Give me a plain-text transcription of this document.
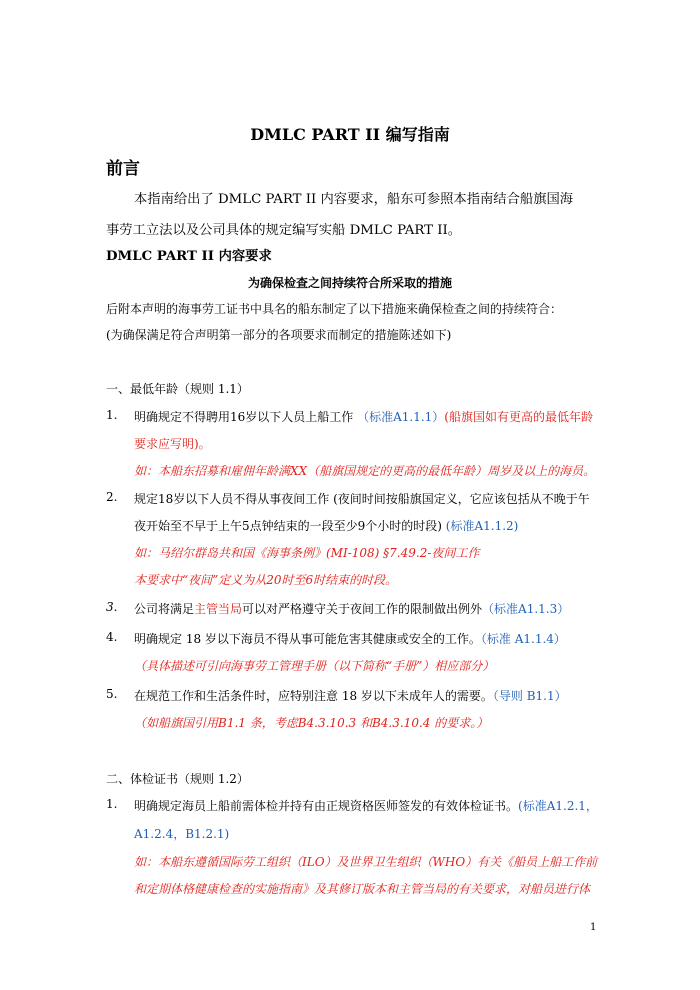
DMLC PART II 编写指南
前言
本指南给出了 DMLC PART II 内容要求，船东可参照本指南结合船旗国海
事劳工立法以及公司具体的规定编写实船 DMLC PART II。
DMLC PART II 内容要求
为确保检查之间持续符合所采取的措施
后附本声明的海事劳工证书中具名的船东制定了以下措施来确保检查之间的持续符合：
(为确保满足符合声明第一部分的各项要求而制定的措施陈述如下)
一、最低年龄（规则 1.1）
1. 明确规定不得聘用16岁以下人员上船工作 （标准A1.1.1）(船旗国如有更高的最低年龄
要求应写明)。
如：本船东招募和雇佣年龄满XX（船旗国规定的更高的最低年龄）周岁及以上的海员。
2. 规定18岁以下人员不得从事夜间工作 (夜间时间按船旗国定义，它应该包括从不晚于午
夜开始至不早于上午5点钟结束的一段至少9个小时的时段) (标准A1.1.2)
如：马绍尔群岛共和国《海事条例》(MI-108) §7.49.2-夜间工作
本要求中“夜间”定义为从20时至6时结束的时段。
3. 公司将满足主管当局可以对严格遵守关于夜间工作的限制做出例外（标准A1.1.3）
4. 明确规定 18 岁以下海员不得从事可能危害其健康或安全的工作。（标准 A1.1.4）
（具体描述可引向海事劳工管理手册（以下简称“手册”）相应部分）
5. 在规范工作和生活条件时，应特别注意 18 岁以下未成年人的需要。（导则 B1.1）
（如船旗国引用B1.1 条，考虑B4.3.10.3 和B4.3.10.4 的要求。）
二、体检证书（规则 1.2）
1. 明确规定海员上船前需体检并持有由正规资格医师签发的有效体检证书。(标准A1.2.1，
A1.2.4，B1.2.1)
如：本船东遵循国际劳工组织（ILO）及世界卫生组织（WHO）有关《船员上船工作前
和定期体格健康检查的实施指南》及其修订版本和主管当局的有关要求，对船员进行体
1
